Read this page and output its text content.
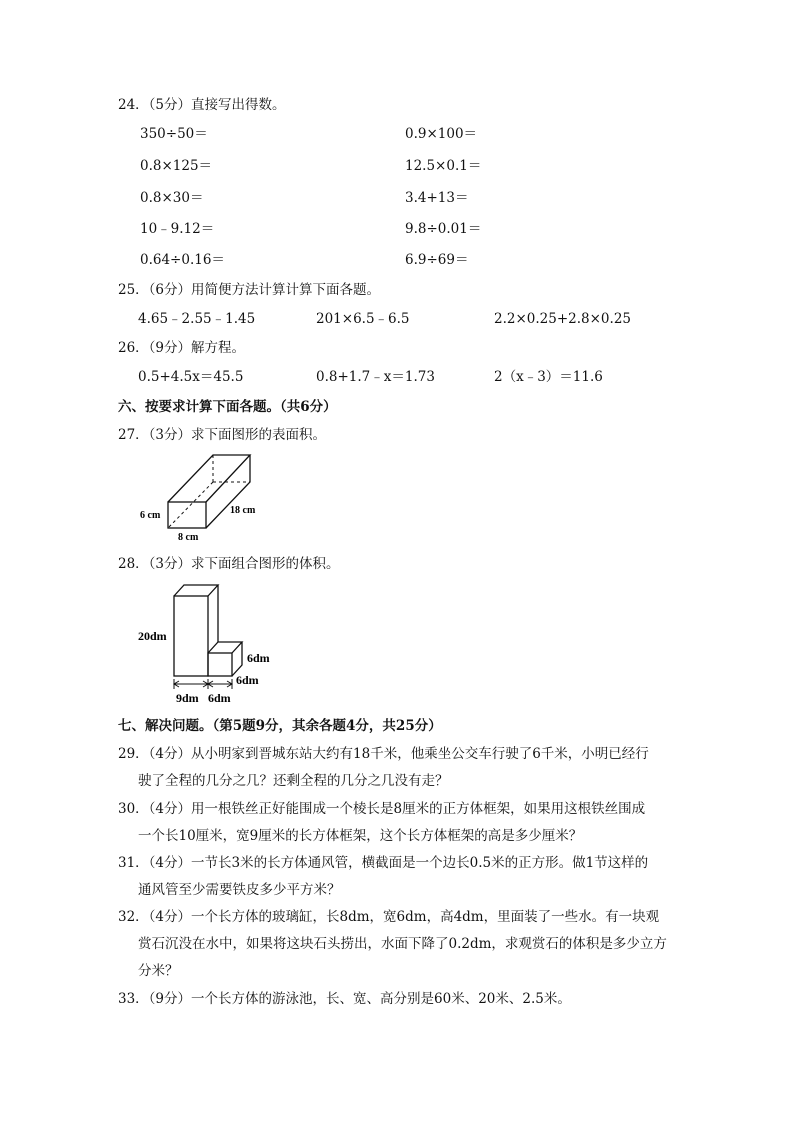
24．（5分）直接写出得数。
350÷50＝	0.9×100＝
0.8×125＝	12.5×0.1＝
0.8×30＝	3.4+13＝
10﹣9.12＝	9.8÷0.01＝
0.64÷0.16＝	6.9÷69＝
25．（6分）用简便方法计算计算下面各题。
4.65﹣2.55﹣1.45	201×6.5﹣6.5	2.2×0.25+2.8×0.25
26．（9分）解方程。
0.5+4.5x＝45.5	0.8+1.7﹣x＝1.73	2（x﹣3）＝11.6
六、按要求计算下面各题。（共6分）
27．（3分）求下面图形的表面积。
6 cm
8 cm
18 cm
28．（3分）求下面组合图形的体积。
20dm
9dm 6dm
6dm
6dm
七、解决问题。（第5题9分，其余各题4分，共25分）
29．（4分）从小明家到晋城东站大约有18千米，他乘坐公交车行驶了6千米，小明已经行
驶了全程的几分之几？还剩全程的几分之几没有走？
30．（4分）用一根铁丝正好能围成一个棱长是8厘米的正方体框架，如果用这根铁丝围成
一个长10厘米，宽9厘米的长方体框架，这个长方体框架的高是多少厘米？
31．（4分）一节长3米的长方体通风管，横截面是一个边长0.5米的正方形。做1节这样的
通风管至少需要铁皮多少平方米？
32．（4分）一个长方体的玻璃缸，长8dm，宽6dm，高4dm，里面装了一些水。有一块观
赏石沉没在水中，如果将这块石头捞出，水面下降了0.2dm，求观赏石的体积是多少立方
分米？
33．（9分）一个长方体的游泳池，长、宽、高分别是60米、20米、2.5米。
